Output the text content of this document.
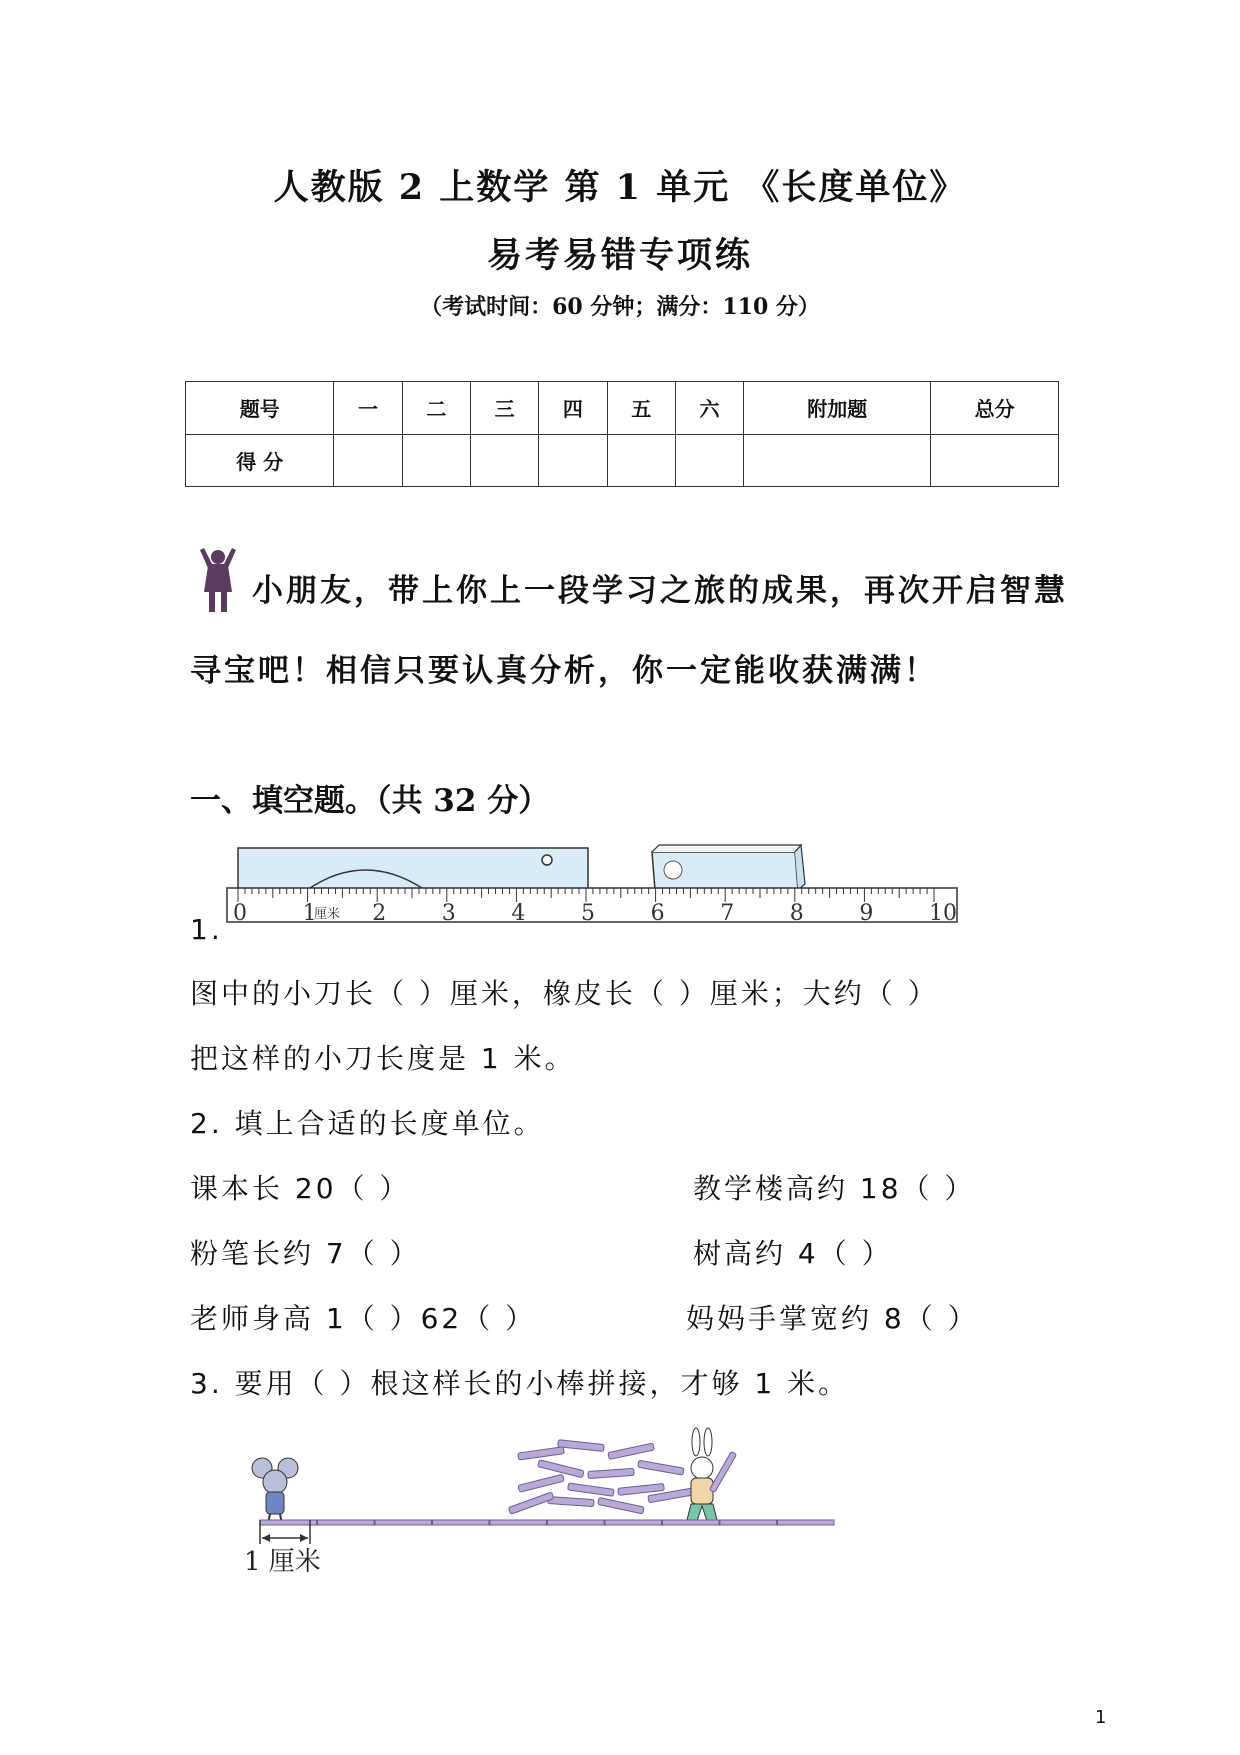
人教版 2 上数学 第 1 单元 《长度单位》
易考易错专项练
（考试时间：60 分钟；满分：110 分）
题号	一	二	三	四	五	六	附加题	总分
得 分								
小朋友，带上你上一段学习之旅的成果，再次开启智慧
寻宝吧！相信只要认真分析，你一定能收获满满！
一、填空题。（共 32 分）
1. 0	1	2	3	4	5	6	7	8	9	10
厘米
图中的小刀长（ ）厘米，橡皮长（ ）厘米；大约（ ）
把这样的小刀长度是 1 米。
2. 填上合适的长度单位。
课本长 20（ ）	教学楼高约 18（ ）
粉笔长约 7（ ）	树高约 4（ ）
老师身高 1（ ）62（ ）	妈妈手掌宽约 8（ ）
3. 要用（ ）根这样长的小棒拼接，才够 1 米。
1 厘米
1
